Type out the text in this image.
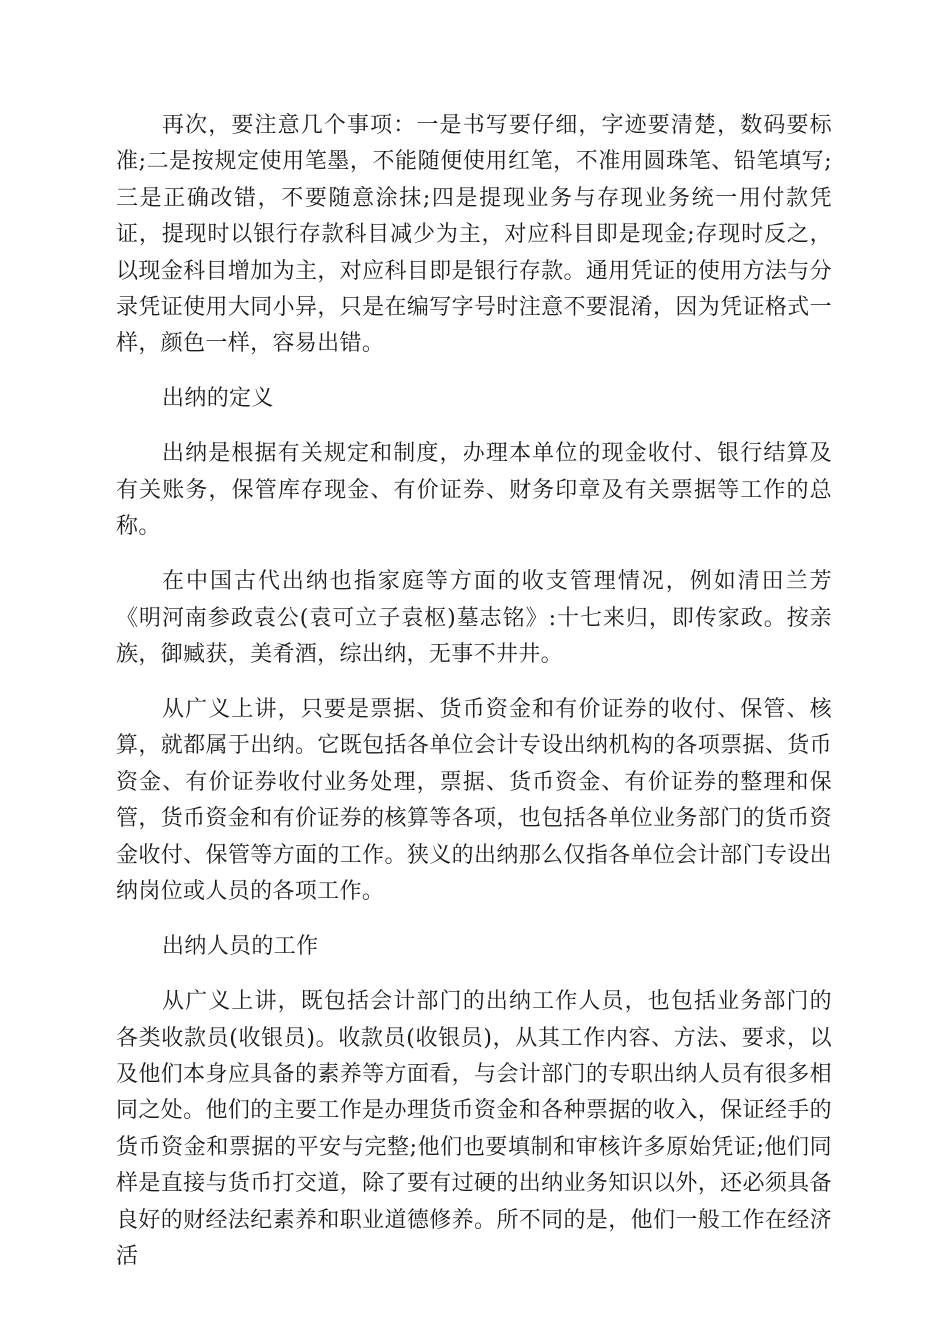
再次，要注意几个事项：一是书写要仔细，字迹要清楚，数码要标准;二是按规定使用笔墨，不能随便使用红笔，不准用圆珠笔、铅笔填写;三是正确改错，不要随意涂抹;四是提现业务与存现业务统一用付款凭证，提现时以银行存款科目减少为主，对应科目即是现金;存现时反之，以现金科目增加为主，对应科目即是银行存款。通用凭证的使用方法与分录凭证使用大同小异，只是在编写字号时注意不要混淆，因为凭证格式一样，颜色一样，容易出错。

出纳的定义

出纳是根据有关规定和制度，办理本单位的现金收付、银行结算及有关账务，保管库存现金、有价证券、财务印章及有关票据等工作的总称。

在中国古代出纳也指家庭等方面的收支管理情况，例如清田兰芳《明河南参政袁公(袁可立子袁枢)墓志铭》:十七来归，即传家政。按亲族，御臧获，美肴酒，综出纳，无事不井井。

从广义上讲，只要是票据、货币资金和有价证券的收付、保管、核算，就都属于出纳。它既包括各单位会计专设出纳机构的各项票据、货币资金、有价证券收付业务处理，票据、货币资金、有价证券的整理和保管，货币资金和有价证券的核算等各项，也包括各单位业务部门的货币资金收付、保管等方面的工作。狭义的出纳那么仅指各单位会计部门专设出纳岗位或人员的各项工作。

出纳人员的工作

从广义上讲，既包括会计部门的出纳工作人员，也包括业务部门的各类收款员(收银员)。收款员(收银员)，从其工作内容、方法、要求，以及他们本身应具备的素养等方面看，与会计部门的专职出纳人员有很多相同之处。他们的主要工作是办理货币资金和各种票据的收入，保证经手的货币资金和票据的平安与完整;他们也要填制和审核许多原始凭证;他们同样是直接与货币打交道，除了要有过硬的出纳业务知识以外，还必须具备良好的财经法纪素养和职业道德修养。所不同的是，他们一般工作在经济活
